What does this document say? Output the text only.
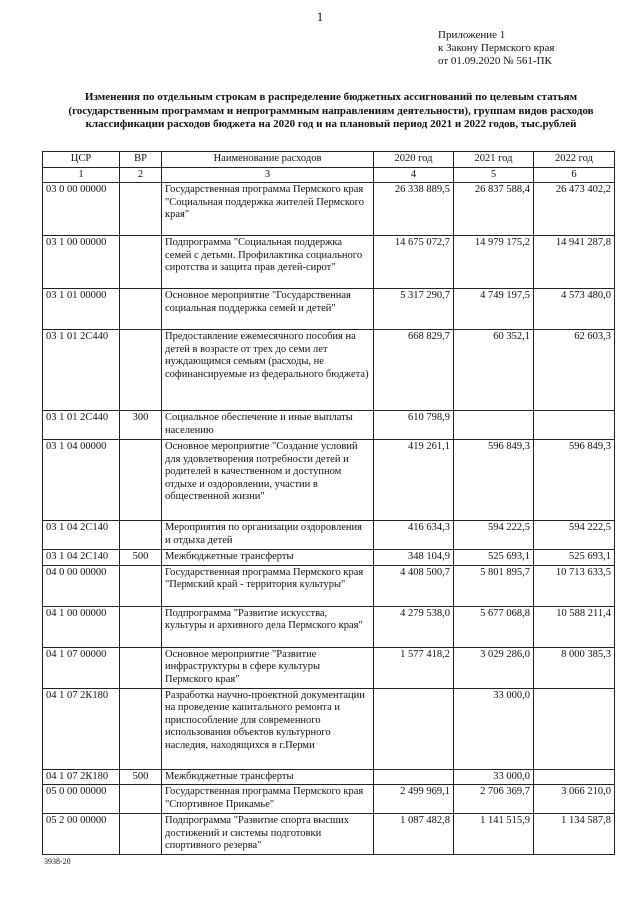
1
Приложение 1
к Закону Пермского края
от 01.09.2020 № 561-ПК
Изменения по отдельным строкам в распределение бюджетных ассигнований по целевым статьям
(государственным программам и непрограммным направлениям деятельности), группам видов расходов
классификации расходов бюджета на 2020 год и на плановый период 2021 и 2022 годов, тыс.рублей
ЦСР	ВР	Наименование расходов	2020 год	2021 год	2022 год
1	2	3	4	5	6
03 0 00 00000		Государственная программа Пермского края "Социальная поддержка жителей Пермского края"	26 338 889,5	26 837 588,4	26 473 402,2
03 1 00 00000		Подпрограмма "Социальная поддержка семей с детьми. Профилактика социального сиротства и защита прав детей-сирот"	14 675 072,7	14 979 175,2	14 941 287,8
03 1 01 00000		Основное мероприятие "Государственная социальная поддержка семей и детей"	5 317 290,7	4 749 197,5	4 573 480,0
03 1 01 2С440		Предоставление ежемесячного пособия на детей в возрасте от трех до семи лет нуждающимся семьям (расходы, не софинансируемые из федерального бюджета)	668 829,7	60 352,1	62 603,3
03 1 01 2С440	300	Социальное обеспечение и иные выплаты населению	610 798,9		
03 1 04 00000		Основное мероприятие "Создание условий для удовлетворения потребности детей и родителей в качественном и доступном отдыхе и оздоровлении, участии в общественной жизни"	419 261,1	596 849,3	596 849,3
03 1 04 2С140		Мероприятия по организации оздоровления и отдыха детей	416 634,3	594 222,5	594 222,5
03 1 04 2С140	500	Межбюджетные трансферты	348 104,9	525 693,1	525 693,1
04 0 00 00000		Государственная программа Пермского края "Пермский край - территория культуры"	4 408 500,7	5 801 895,7	10 713 633,5
04 1 00 00000		Подпрограмма "Развитие искусства, культуры и архивного дела Пермского края"	4 279 538,0	5 677 068,8	10 588 211,4
04 1 07 00000		Основное мероприятие "Развитие инфраструктуры в сфере культуры Пермского края"	1 577 418,2	3 029 286,0	8 000 385,3
04 1 07 2К180		Разработка научно-проектной документации на проведение капитального ремонта и приспособление для современного использования объектов культурного наследия, находящихся в г.Перми		33 000,0	
04 1 07 2К180	500	Межбюджетные трансферты		33 000,0	
05 0 00 00000		Государственная программа Пермского края "Спортивное Прикамье"	2 499 969,1	2 706 369,7	3 066 210,0
05 2 00 00000		Подпрограмма "Развитие спорта высших достижений и системы подготовки спортивного резерва"	1 087 482,8	1 141 515,9	1 134 587,8
3938-20
